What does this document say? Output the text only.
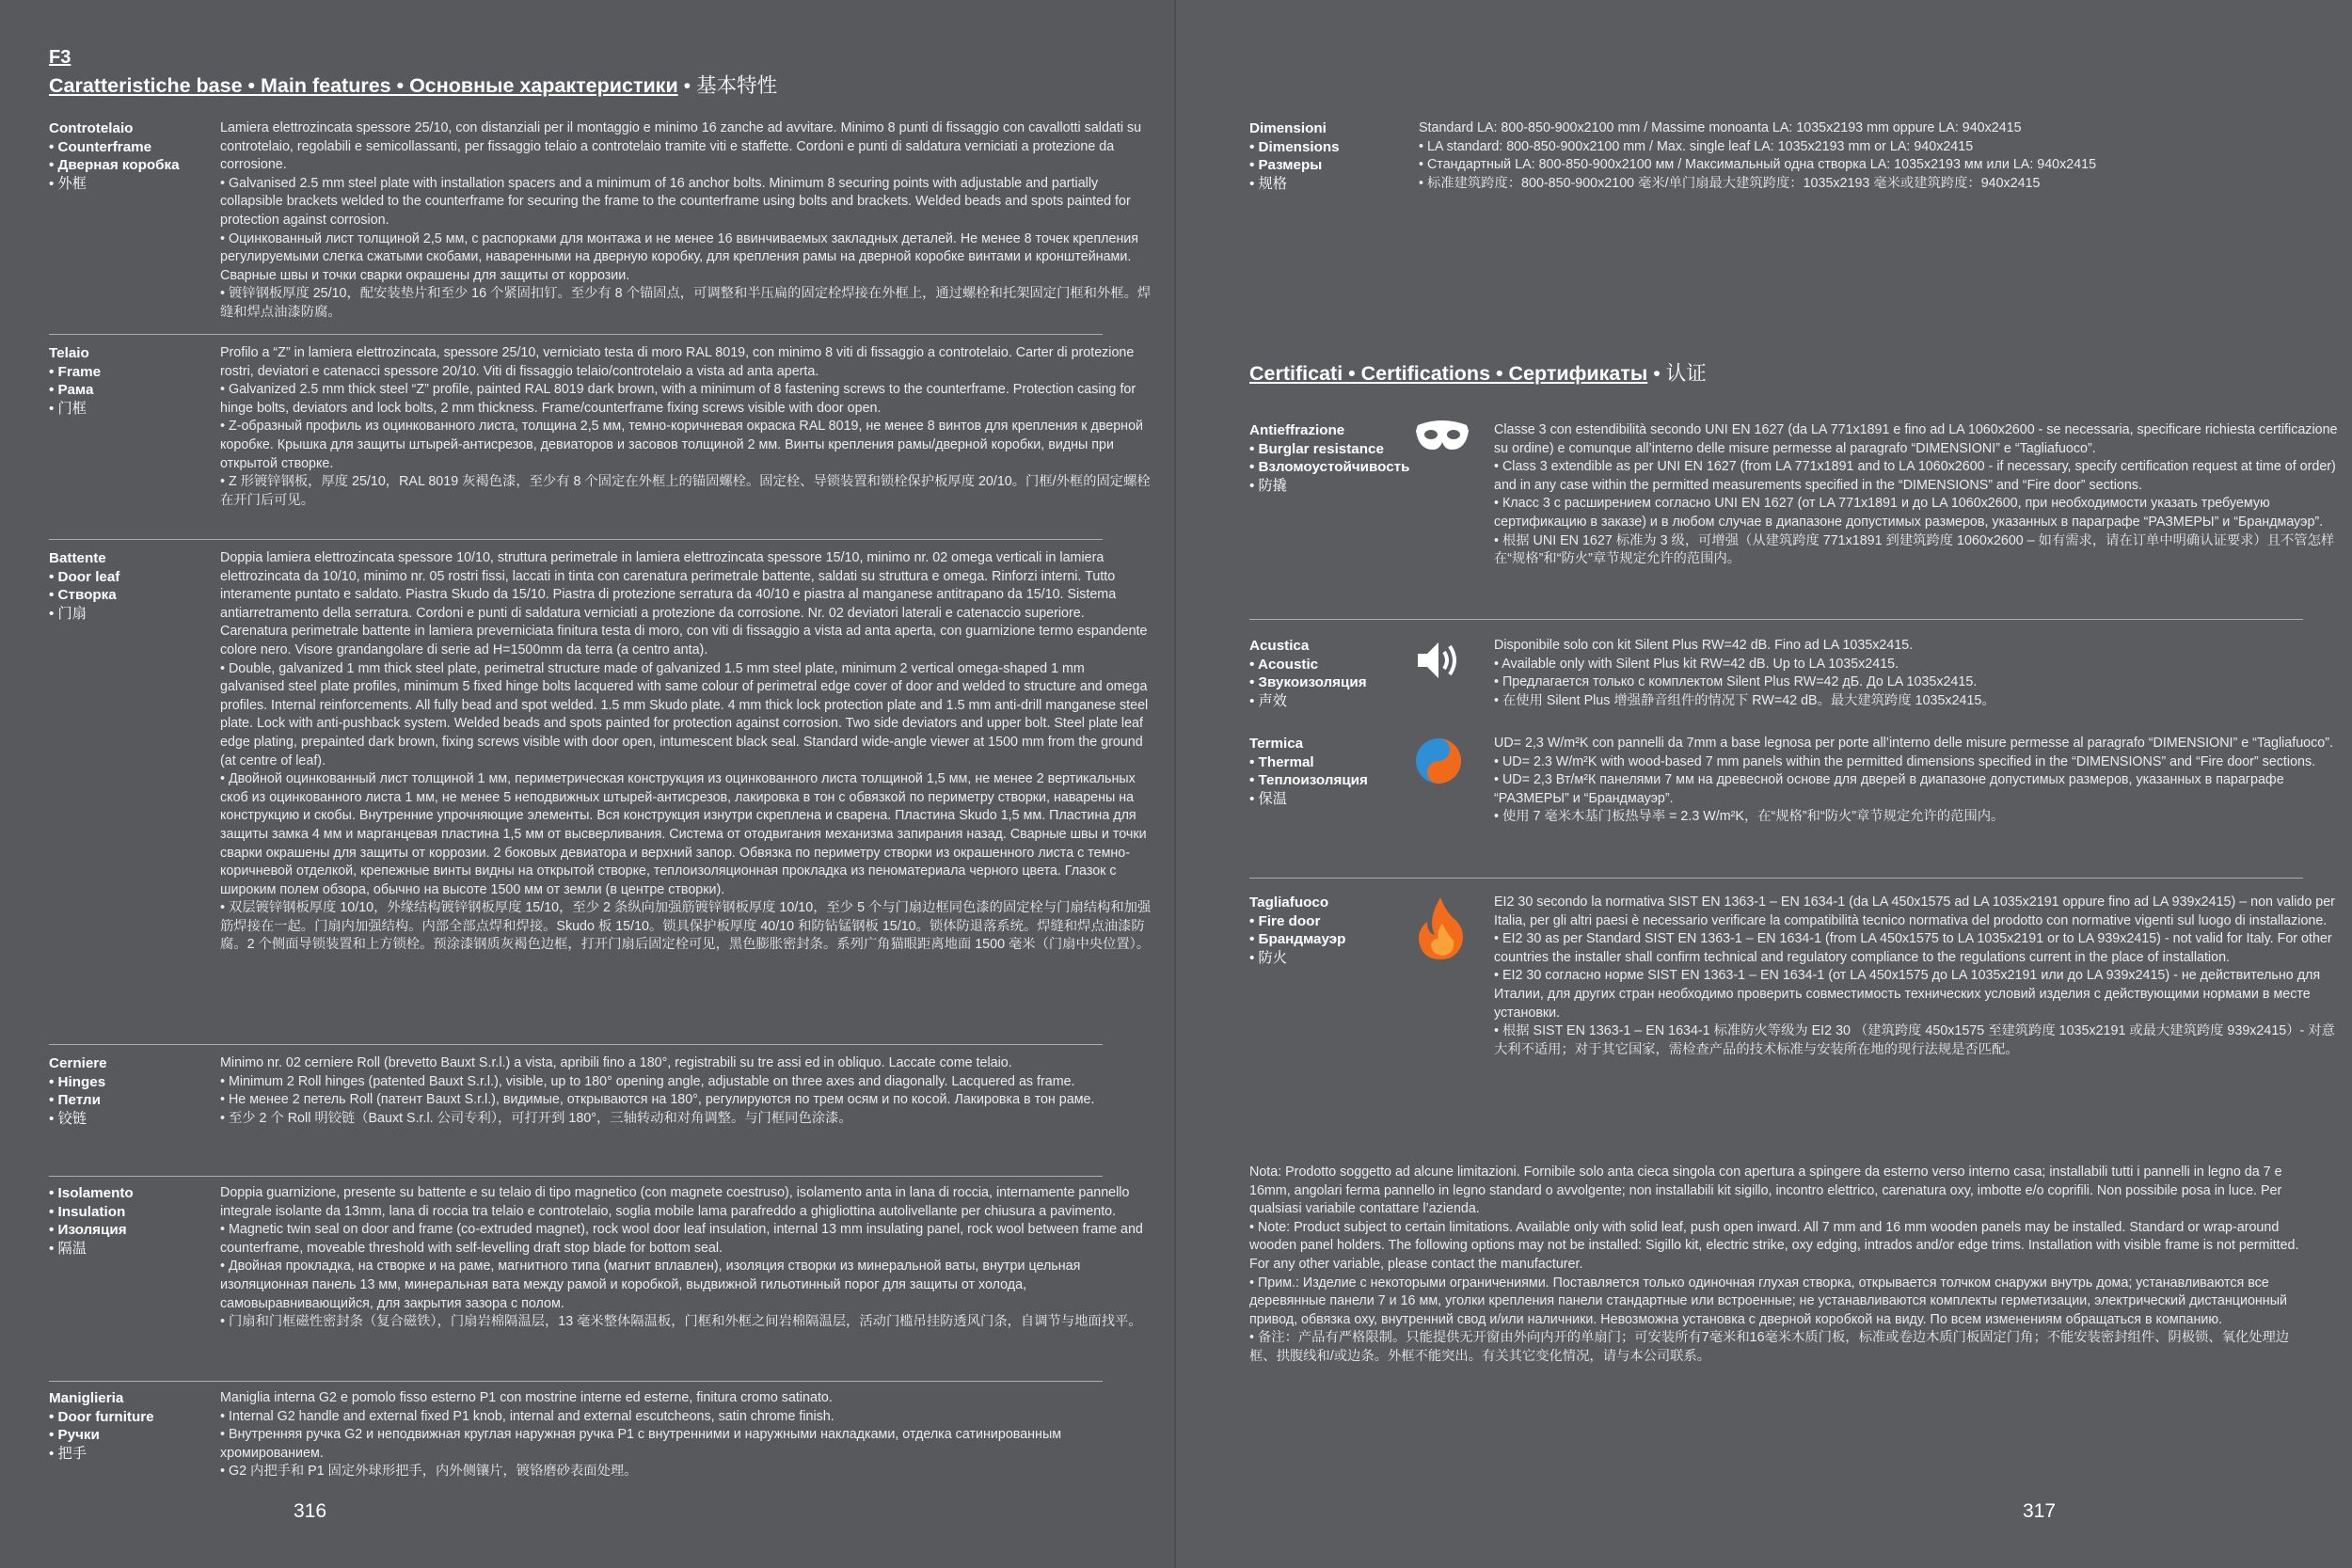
F3
Caratteristiche base • Main features • Основные характеристики • 基本特性
Controtelaio
• Counterframe
• Дверная коробка
• 外框

Lamiera elettrozincata spessore 25/10, con distanziali per il montaggio e minimo 16 zanche ad avvitare. Minimo 8 punti di fissaggio con cavallotti saldati su controtelaio, regolabili e semicollassanti, per fissaggio telaio a controtelaio tramite viti e staffette. Cordoni e punti di saldatura verniciati a protezione da corrosione.

• Galvanised 2.5 mm steel plate with installation spacers and a minimum of 16 anchor bolts. Minimum 8 securing points with adjustable and partially collapsible brackets welded to the counterframe for securing the frame to the counterframe using bolts and brackets. Welded beads and spots painted for protection against corrosion.

• Оцинкованный лист толщиной 2,5 мм, с распорками для монтажа и не менее 16 ввинчиваемых закладных деталей. Не менее 8 точек крепления регулируемыми слегка сжатыми скобами, наваренными на дверную коробку, для крепления рамы на дверной коробке винтами и кронштейнами. Сварные швы и точки сварки окрашены для защиты от коррозии.

• 镀锌钢板厚度 25/10，配安装垫片和至少 16 个紧固扣钉。至少有 8 个锚固点，可调整和半压扁的固定栓焊接在外框上，通过螺栓和托架固定门框和外框。焊缝和焊点油漆防腐。

Telaio
• Frame
• Рама
• 门框

Profilo a “Z” in lamiera elettrozincata, spessore 25/10, verniciato testa di moro RAL 8019, con minimo 8 viti di fissaggio a controtelaio. Carter di protezione rostri, deviatori e catenacci spessore 20/10. Viti di fissaggio telaio/controtelaio a vista ad anta aperta.

• Galvanized 2.5 mm thick steel “Z” profile, painted RAL 8019 dark brown, with a minimum of 8 fastening screws to the counterframe. Protection casing for hinge bolts, deviators and lock bolts, 2 mm thickness. Frame/counterframe fixing screws visible with door open.

• Z-образный профиль из оцинкованного листа, толщина 2,5 мм, темно-коричневая окраска RAL 8019, не менее 8 винтов для крепления к дверной коробке. Крышка для защиты штырей-антисрезов, девиаторов и засовов толщиной 2 мм. Винты крепления рамы/дверной коробки, видны при открытой створке.

• Z 形镀锌钢板，厚度 25/10，RAL 8019 灰褐色漆，至少有 8 个固定在外框上的锚固螺栓。固定栓、导锁装置和锁栓保护板厚度 20/10。门框/外框的固定螺栓在开门后可见。

Battente
• Door leaf
• Створка
• 门扇

Doppia lamiera elettrozincata spessore 10/10, struttura perimetrale in lamiera elettrozincata spessore 15/10, minimo nr. 02 omega verticali in lamiera elettrozincata da 10/10, minimo nr. 05 rostri fissi, laccati in tinta con carenatura perimetrale battente, saldati su struttura e omega. Rinforzi interni. Tutto interamente puntato e saldato. Piastra Skudo da 15/10. Piastra di protezione serratura da 40/10 e piastra al manganese antitrapano da 15/10. Sistema antiarretramento della serratura. Cordoni e punti di saldatura verniciati a protezione da corrosione. Nr. 02 deviatori laterali e catenaccio superiore. Carenatura perimetrale battente in lamiera preverniciata finitura testa di moro, con viti di fissaggio a vista ad anta aperta, con guarnizione termo espandente colore nero. Visore grandangolare di serie ad H=1500mm da terra (a centro anta).

• Double, galvanized 1 mm thick steel plate, perimetral structure made of galvanized 1.5 mm steel plate, minimum 2 vertical omega-shaped 1 mm galvanised steel plate profiles, minimum 5 fixed hinge bolts lacquered with same colour of perimetral edge cover of door and welded to structure and omega profiles. Internal reinforcements. All fully bead and spot welded. 1.5 mm Skudo plate. 4 mm thick lock protection plate and 1.5 mm anti-drill manganese steel plate. Lock with anti-pushback system. Welded beads and spots painted for protection against corrosion. Two side deviators and upper bolt. Steel plate leaf edge plating, prepainted dark brown, fixing screws visible with door open, intumescent black seal. Standard wide-angle viewer at 1500 mm from the ground (at centre of leaf).

• Двойной оцинкованный лист толщиной 1 мм, периметрическая конструкция из оцинкованного листа толщиной 1,5 мм, не менее 2 вертикальных скоб из оцинкованного листа 1 мм, не менее 5 неподвижных штырей-антисрезов, лакировка в тон с обвязкой по периметру створки, наварены на конструкцию и скобы. Внутренние упрочняющие элементы. Вся конструкция изнутри скреплена и сварена. Пластина Skudo 1,5 мм. Пластина для защиты замка 4 мм и марганцевая пластина 1,5 мм от высверливания. Система от отодвигания механизма запирания назад. Сварные швы и точки сварки окрашены для защиты от коррозии. 2 боковых девиатора и верхний запор. Обвязка по периметру створки из окрашенного листа с темно-коричневой отделкой, крепежные винты видны на открытой створке, теплоизоляционная прокладка из пеноматериала черного цвета. Глазок с широким полем обзора, обычно на высоте 1500 мм от земли (в центре створки).

• 双层镀锌钢板厚度 10/10，外缘结构镀锌钢板厚度 15/10，至少 2 条纵向加强筋镀锌钢板厚度 10/10，至少 5 个与门扇边框同色漆的固定栓与门扇结构和加强筋焊接在一起。门扇内加强结构。内部全部点焊和焊接。Skudo 板 15/10。锁具保护板厚度 40/10 和防钻锰钢板 15/10。锁体防退落系统。焊缝和焊点油漆防腐。2 个侧面导锁装置和上方锁栓。预涂漆钢质灰褐色边框，打开门扇后固定栓可见，黑色膨胀密封条。系列广角猫眼距离地面 1500 毫米（门扇中央位置）。

Cerniere
• Hinges
• Петли
• 铰链

Minimo nr. 02 cerniere Roll (brevetto Bauxt S.r.l.) a vista, apribili fino a 180°, registrabili su tre assi ed in obliquo. Laccate come telaio.

• Minimum 2 Roll hinges (patented Bauxt S.r.l.), visible, up to 180° opening angle, adjustable on three axes and diagonally. Lacquered as frame.

• Не менее 2 петель Roll (патент Bauxt S.r.l.), видимые, открываются на 180°, регулируются по трем осям и по косой. Лакировка в тон раме.

• 至少 2 个 Roll 明铰链（Bauxt S.r.l. 公司专利），可打开到 180°，三轴转动和对角调整。与门框同色涂漆。

• Isolamento
• Insulation
• Изоляция
• 隔温

Doppia guarnizione, presente su battente e su telaio di tipo magnetico (con magnete coestruso), isolamento anta in lana di roccia, internamente pannello integrale isolante da 13mm, lana di roccia tra telaio e controtelaio, soglia mobile lama parafreddo a ghigliottina autolivellante per chiusura a pavimento.

• Magnetic twin seal on door and frame (co-extruded magnet), rock wool door leaf insulation, internal 13 mm insulating panel, rock wool between frame and counterframe, moveable threshold with self-levelling draft stop blade for bottom seal.

• Двойная прокладка, на створке и на раме, магнитного типа (магнит вплавлен), изоляция створки из минеральной ваты, внутри цельная изоляционная панель 13 мм, минеральная вата между рамой и коробкой, выдвижной гильотинный порог для защиты от холода, самовыравнивающийся, для закрытия зазора с полом.

• 门扇和门框磁性密封条（复合磁铁），门扇岩棉隔温层，13 毫米整体隔温板，门框和外框之间岩棉隔温层，活动门槛吊挂防透风门条，自调节与地面找平。

Maniglieria
• Door furniture
• Ручки
• 把手

Maniglia interna G2 e pomolo fisso esterno P1 con mostrine interne ed esterne, finitura cromo satinato.

• Internal G2 handle and external fixed P1 knob, internal and external escutcheons, satin chrome finish.

• Внутренняя ручка G2 и неподвижная круглая наружная ручка P1 с внутренними и наружными накладками, отделка сатинированным хромированием.

• G2 内把手和 P1 固定外球形把手，内外侧镶片，镀铬磨砂表面处理。

316
Dimensioni
• Dimensions
• Размеры
• 规格

Standard LA: 800-850-900x2100 mm / Massime monoanta LA: 1035x2193 mm oppure LA: 940x2415

• LA standard: 800-850-900x2100 mm / Max. single leaf LA: 1035x2193 mm or LA: 940x2415

• Стандартный LA: 800-850-900x2100 мм / Максимальный одна створка LA: 1035x2193 мм или LA: 940x2415

• 标准建筑跨度：800-850-900x2100 毫米/单门扇最大建筑跨度：1035x2193 毫米或建筑跨度：940x2415

Certificati • Certifications • Сертификаты • 认证
Antieffrazione
• Burglar resistance
• Взломоустойчивость
• 防撬

Classe 3 con estendibilità secondo UNI EN 1627 (da LA 771x1891 e fino ad LA 1060x2600 - se necessaria, specificare richiesta certificazione su ordine) e comunque all’interno delle misure permesse al paragrafo “DIMENSIONI” e “Tagliafuoco”.

• Class 3 extendible as per UNI EN 1627 (from LA 771x1891 and to LA 1060x2600 - if necessary, specify certification request at time of order) and in any case within the permitted measurements specified in the “DIMENSIONS” and “Fire door” sections.

• Класс 3 с расширением согласно UNI EN 1627 (от LA 771x1891 и до LA 1060x2600, при необходимости указать требуемую сертификацию в заказе) и в любом случае в диапазоне допустимых размеров, указанных в параграфе “РАЗМЕРЫ” и “Брандмауэр”.

• 根据 UNI EN 1627 标准为 3 级，可增强（从建筑跨度 771x1891 到建筑跨度 1060x2600 – 如有需求，请在订单中明确认证要求）且不管怎样在“规格”和“防火”章节规定允许的范围内。

Acustica
• Acoustic
• Звукоизоляция
• 声效

Disponibile solo con kit Silent Plus RW=42 dB. Fino ad LA 1035x2415.

• Available only with Silent Plus kit RW=42 dB. Up to LA 1035x2415.

• Предлагается только с комплектом Silent Plus RW=42 дБ. До LA 1035x2415.

• 在使用 Silent Plus 增强静音组件的情况下 RW=42 dB。最大建筑跨度 1035x2415。

Termica
• Thermal
• Теплоизоляция
• 保温

UD= 2,3 W/m²K con pannelli da 7mm a base legnosa per porte all’interno delle misure permesse al paragrafo “DIMENSIONI” e “Tagliafuoco”.

• UD= 2.3 W/m²K with wood-based 7 mm panels within the permitted dimensions specified in the “DIMENSIONS” and “Fire door” sections.

• UD= 2,3 Вт/м²К панелями 7 мм на древесной основе для дверей в диапазоне допустимых размеров, указанных в параграфе “РАЗМЕРЫ” и “Брандмауэр”.

• 使用 7 毫米木基门板热导率 = 2.3 W/m²K，在“规格”和“防火”章节规定允许的范围内。

Tagliafuoco
• Fire door
• Брандмауэр
• 防火

EI2 30 secondo la normativa SIST EN 1363-1 – EN 1634-1 (da LA 450x1575 ad LA 1035x2191 oppure fino ad LA 939x2415) – non valido per Italia, per gli altri paesi è necessario verificare la compatibilità tecnico normativa del prodotto con normative vigenti sul luogo di installazione.

• EI2 30 as per Standard SIST EN 1363-1 – EN 1634-1 (from LA 450x1575 to LA 1035x2191 or to LA 939x2415) - not valid for Italy. For other countries the installer shall confirm technical and regulatory compliance to the regulations current in the place of installation.

• EI2 30 согласно норме SIST EN 1363-1 – EN 1634-1 (от LA 450x1575 до LA 1035x2191 или до LA 939x2415) - не действительно для Италии, для других стран необходимо проверить совместимость технических условий изделия с действующими нормами в месте установки.

• 根据 SIST EN 1363-1 – EN 1634-1 标准防火等级为 EI2 30 （建筑跨度 450x1575 至建筑跨度 1035x2191 或最大建筑跨度 939x2415）- 对意大利不适用；对于其它国家，需检查产品的技术标准与安装所在地的现行法规是否匹配。

Nota: Prodotto soggetto ad alcune limitazioni. Fornibile solo anta cieca singola con apertura a spingere da esterno verso interno casa; installabili tutti i pannelli in legno da 7 e 16mm, angolari ferma pannello in legno standard o avvolgente; non installabili kit sigillo, incontro elettrico, carenatura oxy, imbotte e/o coprifili. Non possibile posa in luce. Per qualsiasi variabile contattare l’azienda.

• Note: Product subject to certain limitations. Available only with solid leaf, push open inward. All 7 mm and 16 mm wooden panels may be installed. Standard or wrap-around wooden panel holders. The following options may not be installed: Sigillo kit, electric strike, oxy edging, intrados and/or edge trims. Installation with visible frame is not permitted. For any other variable, please contact the manufacturer.

• Прим.: Изделие с некоторыми ограничениями. Поставляется только одиночная глухая створка, открывается толчком снаружи внутрь дома; устанавливаются все деревянные панели 7 и 16 мм, уголки крепления панели стандартные или встроенные; не устанавливаются комплекты герметизации, электрический дистанционный привод, обвязка оху, внутренний свод и/или наличники. Невозможна установка с дверной коробкой на виду. По всем изменениям обращаться в компанию.

• 备注：产品有严格限制。只能提供无开窗由外向内开的单扇门；可安装所有7毫米和16毫米木质门板，标准或卷边木质门板固定门角；不能安装密封组件、阴极锁、氧化处理边框、拱腹线和/或边条。外框不能突出。有关其它变化情况，请与本公司联系。

317
